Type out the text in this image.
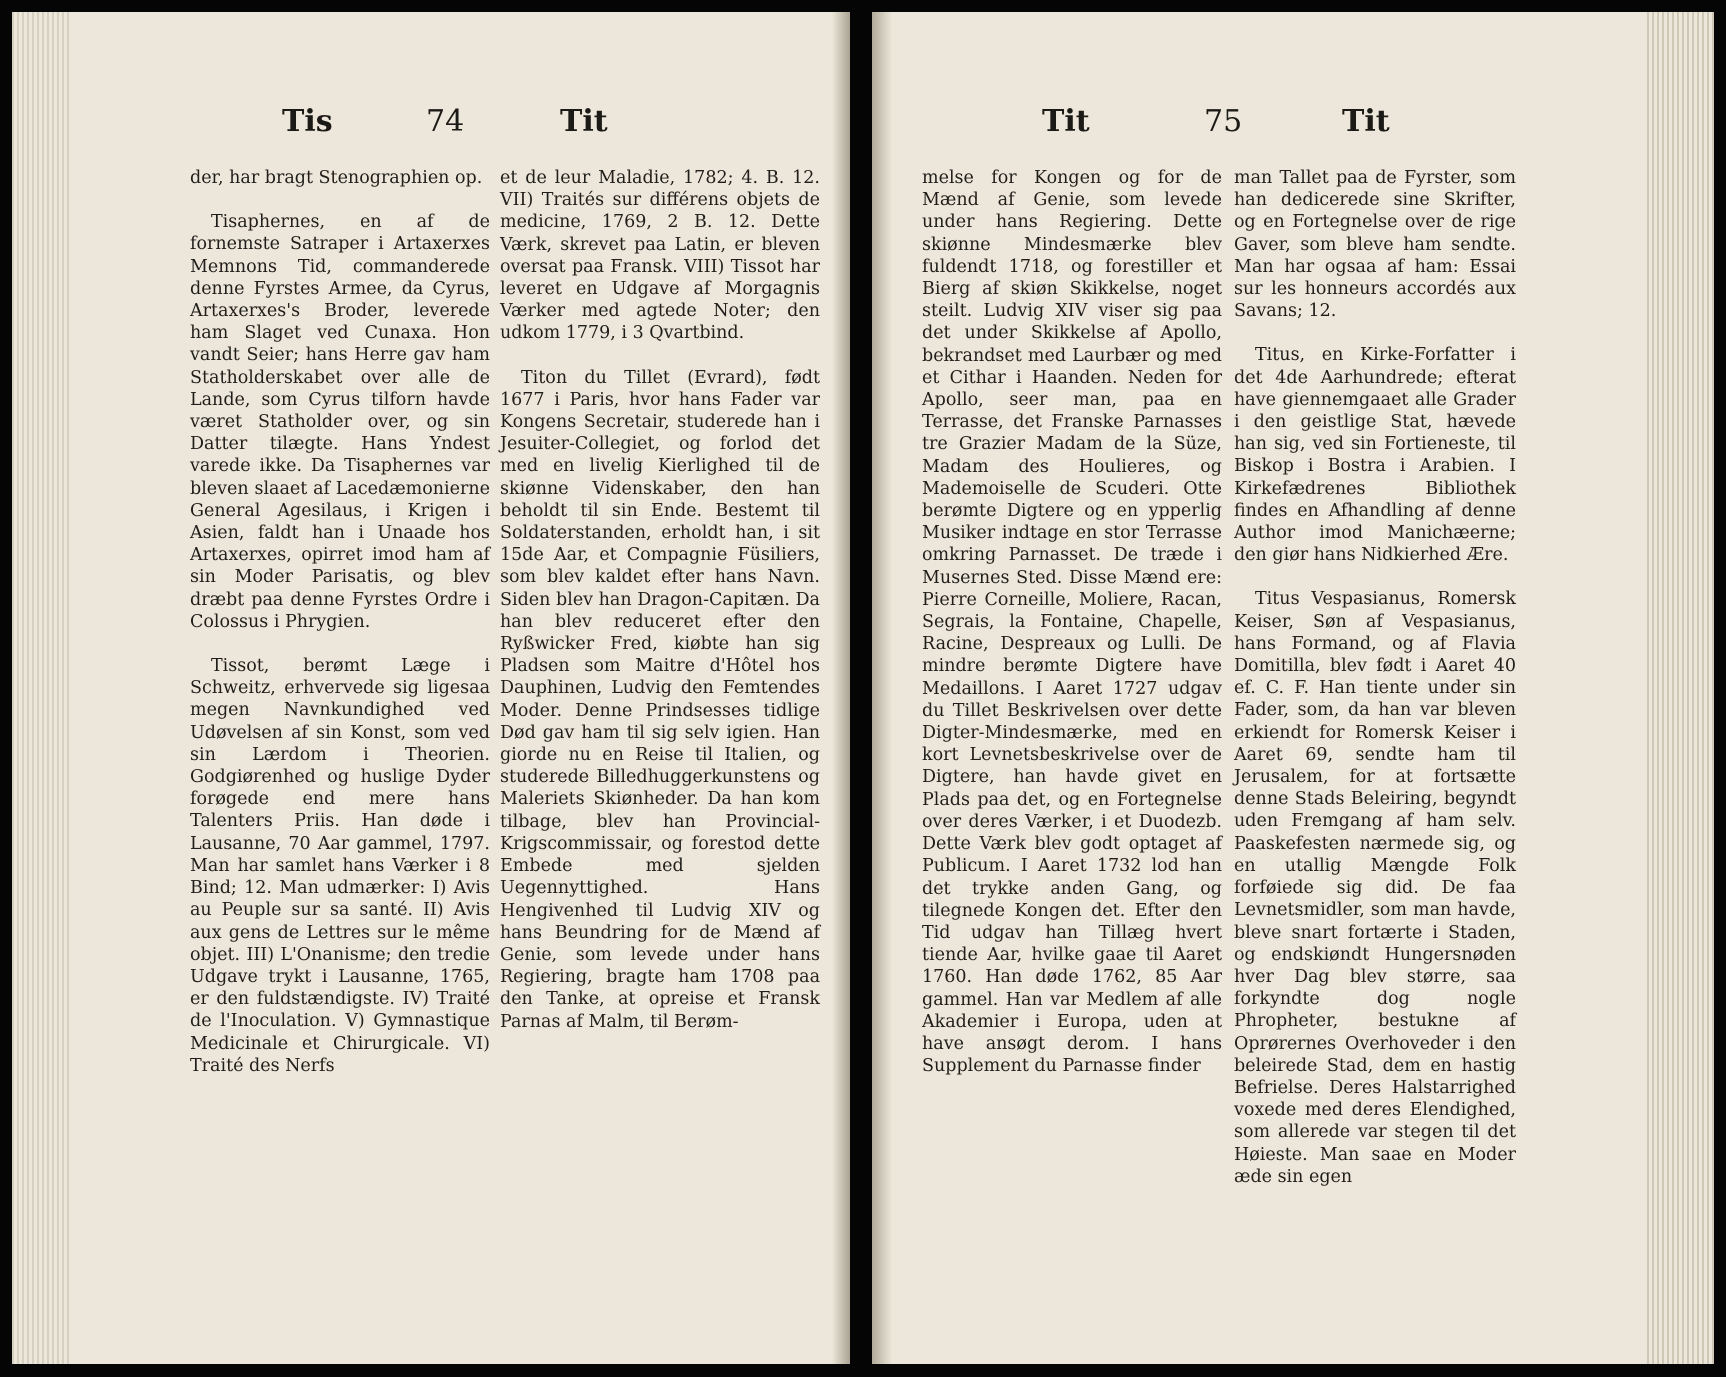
Tis	74	Tit

der, har bragt Stenographien op.

Tisaphernes, en af de fornemste Satraper i Artaxerxes Memnons Tid, commanderede denne Fyrstes Armee, da Cyrus, Artaxerxes's Broder, leverede ham Slaget ved Cunaxa. Hon vandt Seier; hans Herre gav ham Statholderskabet over alle de Lande, som Cyrus tilforn havde været Statholder over, og sin Datter tilægte. Hans Yndest varede ikke. Da Tisaphernes var bleven slaaet af Lacedæmonierne General Agesilaus, i Krigen i Asien, faldt han i Unaade hos Artaxerxes, opirret imod ham af sin Moder Parisatis, og blev dræbt paa denne Fyrstes Ordre i Colossus i Phrygien.

Tissot, berømt Læge i Schweitz, erhvervede sig ligesaa megen Navnkundighed ved Udøvelsen af sin Konst, som ved sin Lærdom i Theorien. Godgiørenhed og huslige Dyder forøgede end mere hans Talenters Priis. Han døde i Lausanne, 70 Aar gammel, 1797. Man har samlet hans Værker i 8 Bind; 12. Man udmærker: I) Avis au Peuple sur sa santé. II) Avis aux gens de Lettres sur le même objet. III) L'Onanisme; den tredie Udgave trykt i Lausanne, 1765, er den fuldstændigste. IV) Traité de l'Inoculation. V) Gymnastique Medicinale et Chirurgicale. VI) Traité des Nerfs

et de leur Maladie, 1782; 4. B. 12. VII) Traités sur différens objets de medicine, 1769, 2 B. 12. Dette Værk, skrevet paa Latin, er bleven oversat paa Fransk. VIII) Tissot har leveret en Udgave af Morgagnis Værker med agtede Noter; den udkom 1779, i 3 Qvartbind.

Titon du Tillet (Evrard), født 1677 i Paris, hvor hans Fader var Kongens Secretair, studerede han i Jesuiter-Collegiet, og forlod det med en livelig Kierlighed til de skiønne Videnskaber, den han beholdt til sin Ende. Bestemt til Soldaterstanden, erholdt han, i sit 15de Aar, et Compagnie Füsiliers, som blev kaldet efter hans Navn. Siden blev han Dragon-Capitæn. Da han blev reduceret efter den Ryßwicker Fred, kiøbte han sig Pladsen som Maitre d'Hôtel hos Dauphinen, Ludvig den Femtendes Moder. Denne Prindsesses tidlige Død gav ham til sig selv igien. Han giorde nu en Reise til Italien, og studerede Billedhuggerkunstens og Maleriets Skiønheder. Da han kom tilbage, blev han Provincial-Krigscommissair, og forestod dette Embede med sjelden Uegennyttighed. Hans Hengivenhed til Ludvig XIV og hans Beundring for de Mænd af Genie, som levede under hans Regiering, bragte ham 1708 paa den Tanke, at opreise et Fransk Parnas af Malm, til Berøm-

Tit	75	Tit

melse for Kongen og for de Mænd af Genie, som levede under hans Regiering. Dette skiønne Mindesmærke blev fuldendt 1718, og forestiller et Bierg af skiøn Skikkelse, noget steilt. Ludvig XIV viser sig paa det under Skikkelse af Apollo, bekrandset med Laurbær og med et Cithar i Haanden. Neden for Apollo, seer man, paa en Terrasse, det Franske Parnasses tre Grazier Madam de la Süze, Madam des Houlieres, og Mademoiselle de Scuderi. Otte berømte Digtere og en ypperlig Musiker indtage en stor Terrasse omkring Parnasset. De træde i Musernes Sted. Disse Mænd ere: Pierre Corneille, Moliere, Racan, Segrais, la Fontaine, Chapelle, Racine, Despreaux og Lulli. De mindre berømte Digtere have Medaillons. I Aaret 1727 udgav du Tillet Beskrivelsen over dette Digter-Mindesmærke, med en kort Levnetsbeskrivelse over de Digtere, han havde givet en Plads paa det, og en Fortegnelse over deres Værker, i et Duodezb. Dette Værk blev godt optaget af Publicum. I Aaret 1732 lod han det trykke anden Gang, og tilegnede Kongen det. Efter den Tid udgav han Tillæg hvert tiende Aar, hvilke gaae til Aaret 1760. Han døde 1762, 85 Aar gammel. Han var Medlem af alle Akademier i Europa, uden at have ansøgt derom. I hans Supplement du Parnasse finder

man Tallet paa de Fyrster, som han dedicerede sine Skrifter, og en Fortegnelse over de rige Gaver, som bleve ham sendte. Man har ogsaa af ham: Essai sur les honneurs accordés aux Savans; 12.

Titus, en Kirke-Forfatter i det 4de Aarhundrede; efterat have giennemgaaet alle Grader i den geistlige Stat, hævede han sig, ved sin Fortieneste, til Biskop i Bostra i Arabien. I Kirkefædrenes Bibliothek findes en Afhandling af denne Author imod Manichæerne; den giør hans Nidkierhed Ære.

Titus Vespasianus, Romersk Keiser, Søn af Vespasianus, hans Formand, og af Flavia Domitilla, blev født i Aaret 40 ef. C. F. Han tiente under sin Fader, som, da han var bleven erkiendt for Romersk Keiser i Aaret 69, sendte ham til Jerusalem, for at fortsætte denne Stads Beleiring, begyndt uden Fremgang af ham selv. Paaskefesten nærmede sig, og en utallig Mængde Folk forføiede sig did. De faa Levnetsmidler, som man havde, bleve snart fortærte i Staden, og endskiøndt Hungersnøden hver Dag blev større, saa forkyndte dog nogle Phropheter, bestukne af Oprørernes Overhoveder i den beleirede Stad, dem en hastig Befrielse. Deres Halstarrighed voxede med deres Elendighed, som allerede var stegen til det Høieste. Man saae en Moder æde sin egen
